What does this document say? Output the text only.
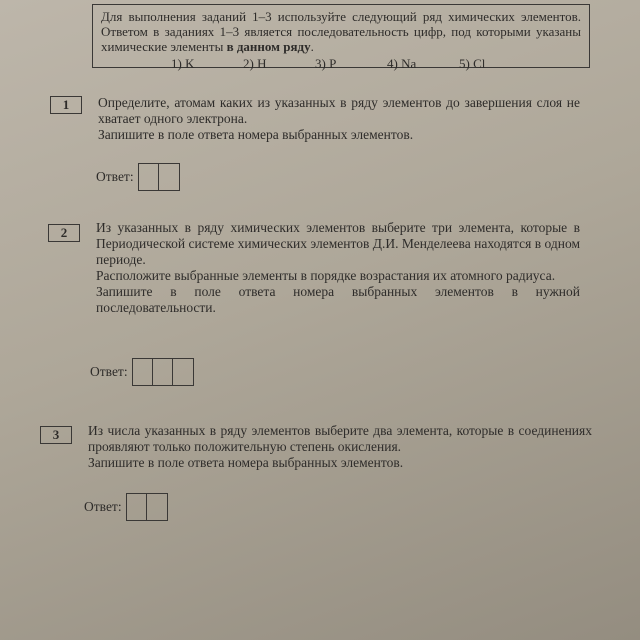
Для выполнения заданий 1–3 используйте следующий ряд химических элементов. Ответом в заданиях 1–3 является последовательность цифр, под которыми указаны химические элементы в данном ряду.

1) K	2) H	3) P	4) Na	5) Cl
1	Определите, атомам каких из указанных в ряду элементов до завершения слоя не хватает одного электрона.

Запишите в поле ответа номера выбранных элементов.

Ответ:
2	Из указанных в ряду химических элементов выберите три элемента, которые в Периодической системе химических элементов Д.И. Менделеева находятся в одном периоде.

Расположите выбранные элементы в порядке возрастания их атомного радиуса.

Запишите в поле ответа номера выбранных элементов в нужной последовательности.

Ответ:
3	Из числа указанных в ряду элементов выберите два элемента, которые в соединениях проявляют только положительную степень окисления.

Запишите в поле ответа номера выбранных элементов.

Ответ:
